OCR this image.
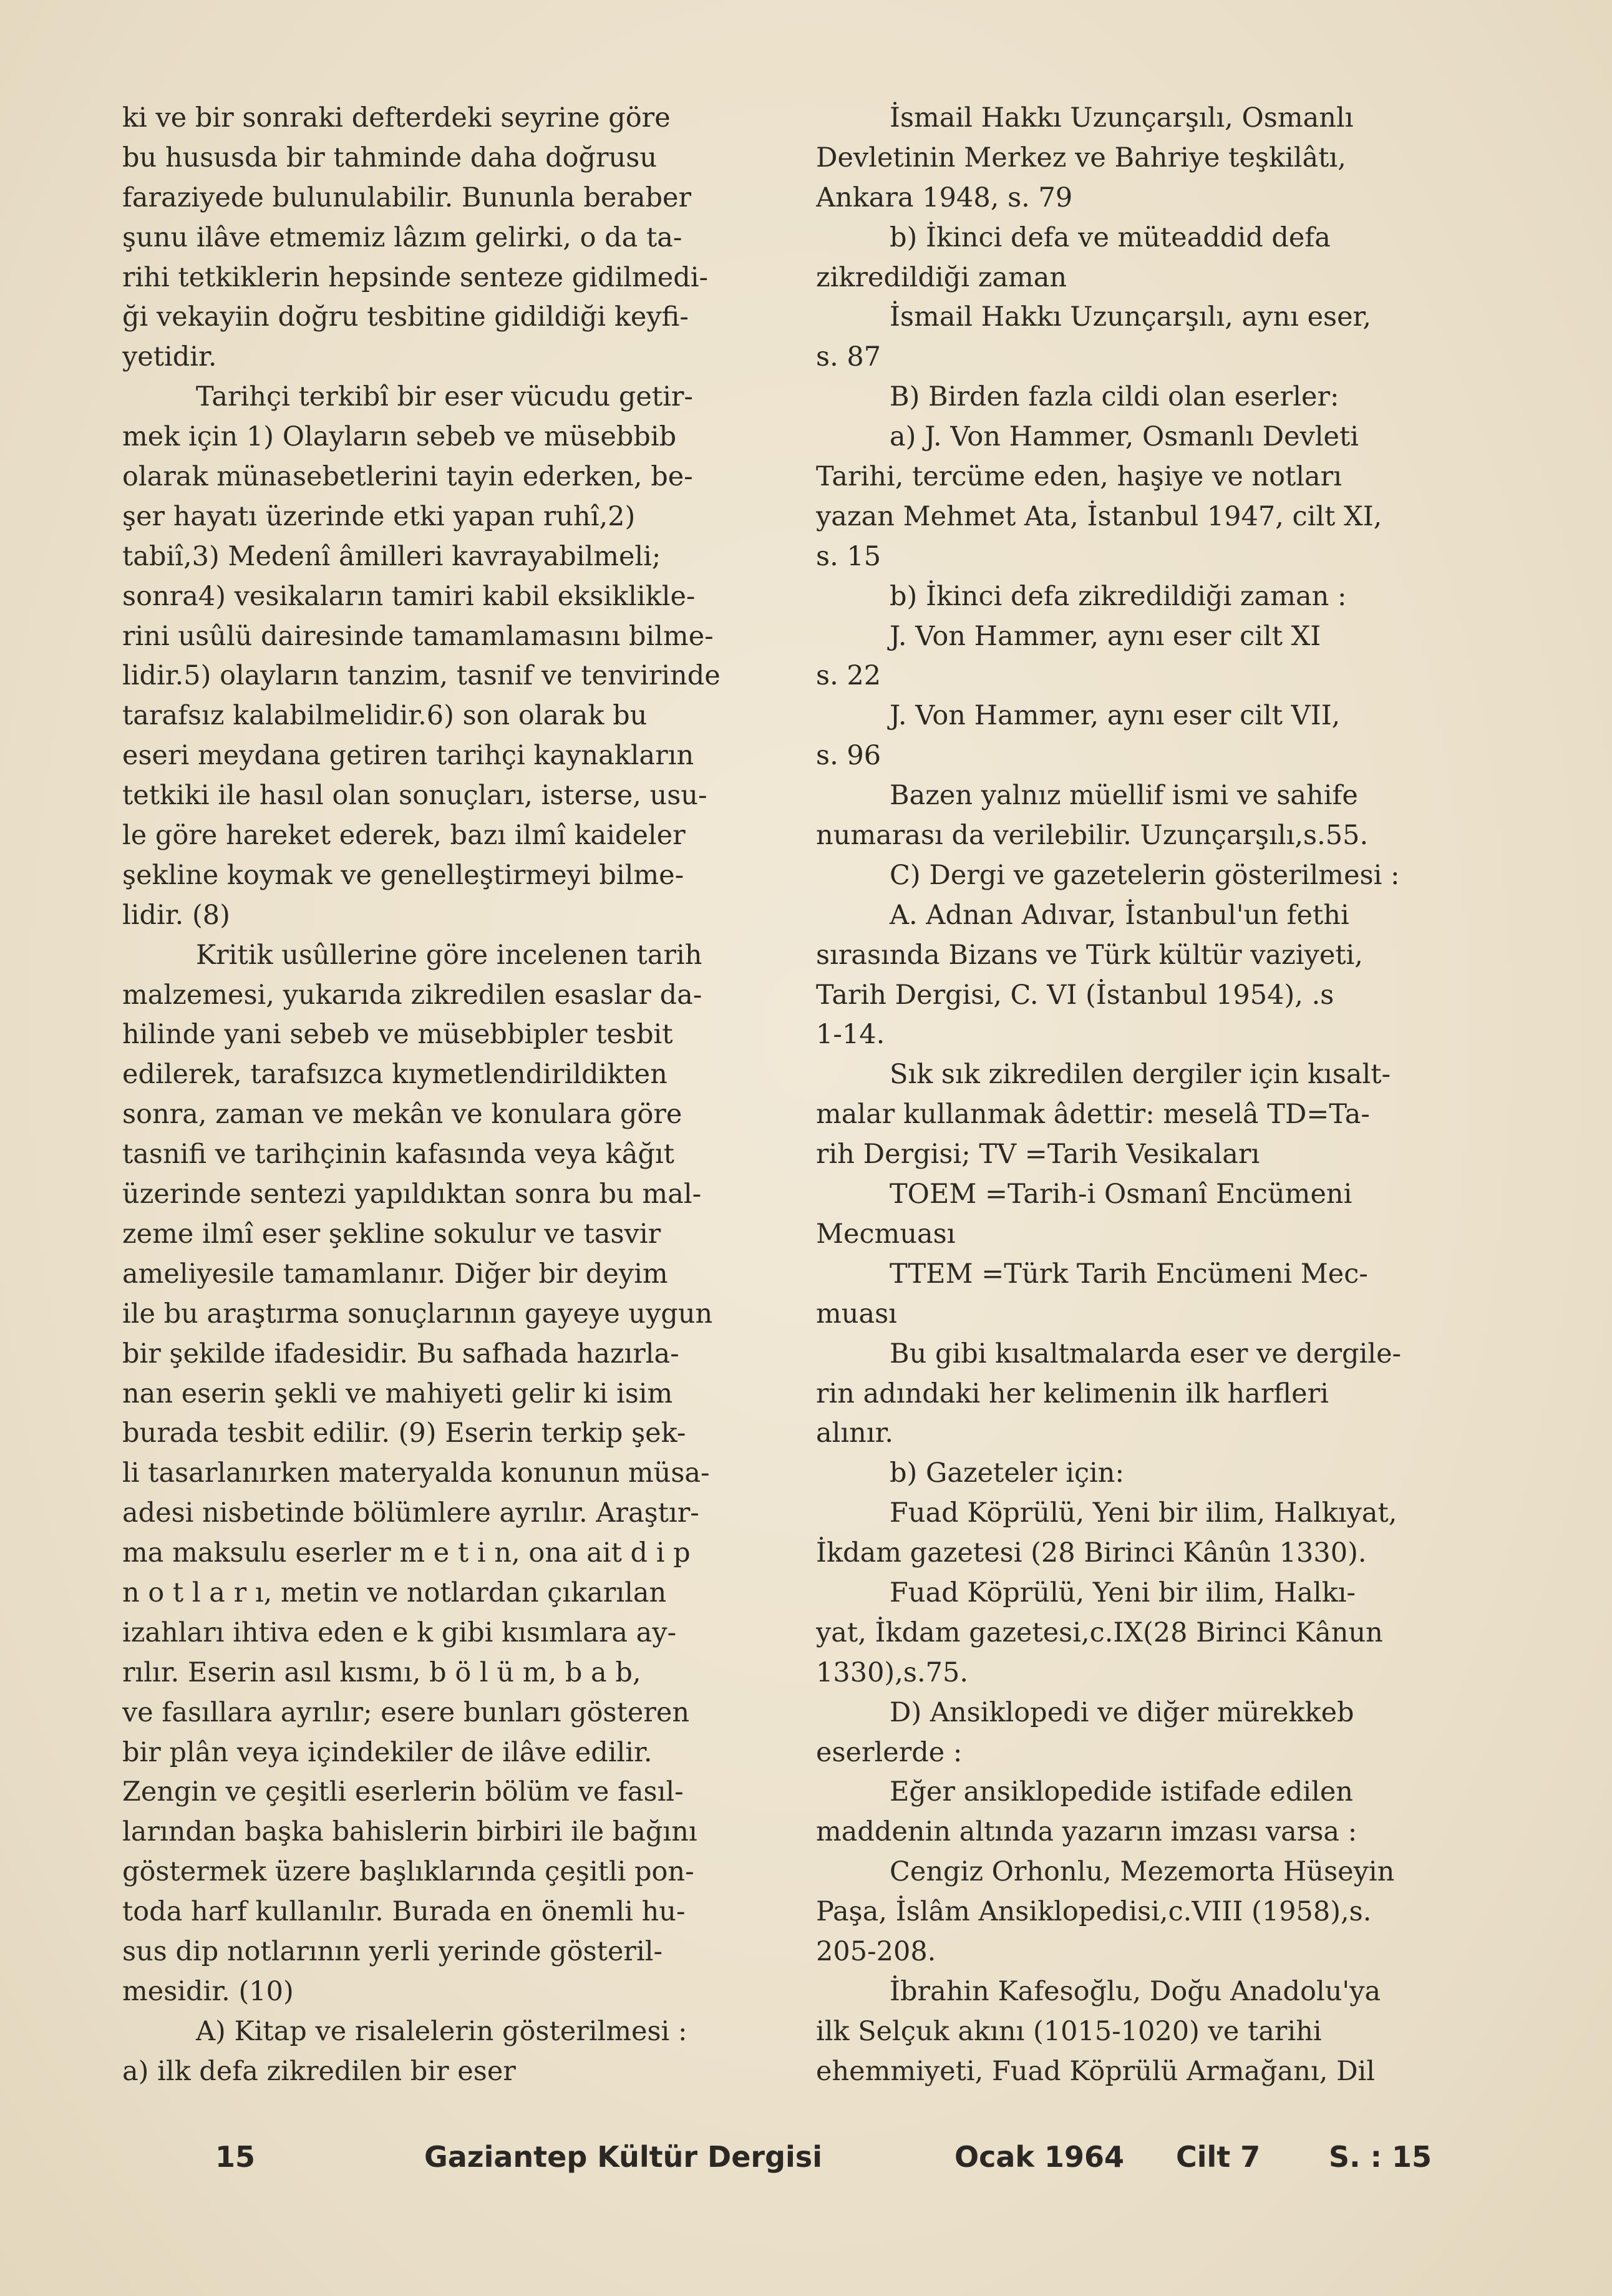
ki ve bir sonraki defterdeki seyrine göre
bu hususda bir tahminde daha doğrusu
faraziyede bulunulabilir. Bununla beraber
şunu ilâve etmemiz lâzım gelirki, o da ta-
rihi tetkiklerin hepsinde senteze gidilmedi-
ği vekayiin doğru tesbitine gidildiği keyfi-
yetidir.
Tarihçi terkibî bir eser vücudu getir-
mek için 1) Olayların sebeb ve müsebbib
olarak münasebetlerini tayin ederken, be-
şer hayatı üzerinde etki yapan ruhî,2)
tabiî,3) Medenî âmilleri kavrayabilmeli;
sonra4) vesikaların tamiri kabil eksiklikle-
rini usûlü dairesinde tamamlamasını bilme-
lidir.5) olayların tanzim, tasnif ve tenvirinde
tarafsız kalabilmelidir.6) son olarak bu
eseri meydana getiren tarihçi kaynakların
tetkiki ile hasıl olan sonuçları, isterse, usu-
le göre hareket ederek, bazı ilmî kaideler
şekline koymak ve genelleştirmeyi bilme-
lidir. (8)
Kritik usûllerine göre incelenen tarih
malzemesi, yukarıda zikredilen esaslar da-
hilinde yani sebeb ve müsebbipler tesbit
edilerek, tarafsızca kıymetlendirildikten
sonra, zaman ve mekân ve konulara göre
tasnifi ve tarihçinin kafasında veya kâğıt
üzerinde sentezi yapıldıktan sonra bu mal-
zeme ilmî eser şekline sokulur ve tasvir
ameliyesile tamamlanır. Diğer bir deyim
ile bu araştırma sonuçlarının gayeye uygun
bir şekilde ifadesidir. Bu safhada hazırla-
nan eserin şekli ve mahiyeti gelir ki isim
burada tesbit edilir. (9) Eserin terkip şek-
li tasarlanırken materyalda konunun müsa-
adesi nisbetinde bölümlere ayrılır. Araştır-
ma maksulu eserler m e t i n, ona ait d i p
n o t l a r ı, metin ve notlardan çıkarılan
izahları ihtiva eden e k gibi kısımlara ay-
rılır. Eserin asıl kısmı, b ö l ü m, b a b,
ve fasıllara ayrılır; esere bunları gösteren
bir plân veya içindekiler de ilâve edilir.
Zengin ve çeşitli eserlerin bölüm ve fasıl-
larından başka bahislerin birbiri ile bağını
göstermek üzere başlıklarında çeşitli pon-
toda harf kullanılır. Burada en önemli hu-
sus dip notlarının yerli yerinde gösteril-
mesidir. (10)
A) Kitap ve risalelerin gösterilmesi :
a) ilk defa zikredilen bir eser
İsmail Hakkı Uzunçarşılı, Osmanlı
Devletinin Merkez ve Bahriye teşkilâtı,
Ankara 1948, s. 79
b) İkinci defa ve müteaddid defa
zikredildiği zaman
İsmail Hakkı Uzunçarşılı, aynı eser,
s. 87
B) Birden fazla cildi olan eserler:
a) J. Von Hammer, Osmanlı Devleti
Tarihi, tercüme eden, haşiye ve notları
yazan Mehmet Ata, İstanbul 1947, cilt XI,
s. 15
b) İkinci defa zikredildiği zaman :
J. Von Hammer, aynı eser cilt XI
s. 22
J. Von Hammer, aynı eser cilt VII,
s. 96
Bazen yalnız müellif ismi ve sahife
numarası da verilebilir. Uzunçarşılı,s.55.
C) Dergi ve gazetelerin gösterilmesi :
A. Adnan Adıvar, İstanbul'un fethi
sırasında Bizans ve Türk kültür vaziyeti,
Tarih Dergisi, C. VI (İstanbul 1954), .s
1-14.
Sık sık zikredilen dergiler için kısalt-
malar kullanmak âdettir: meselâ TD=Ta-
rih Dergisi; TV =Tarih Vesikaları
TOEM =Tarih-i Osmanî Encümeni
Mecmuası
TTEM =Türk Tarih Encümeni Mec-
muası
Bu gibi kısaltmalarda eser ve dergile-
rin adındaki her kelimenin ilk harfleri
alınır.
b) Gazeteler için:
Fuad Köprülü, Yeni bir ilim, Halkıyat,
İkdam gazetesi (28 Birinci Kânûn 1330).
Fuad Köprülü, Yeni bir ilim, Halkı-
yat, İkdam gazetesi,c.IX(28 Birinci Kânun
1330),s.75.
D) Ansiklopedi ve diğer mürekkeb
eserlerde :
Eğer ansiklopedide istifade edilen
maddenin altında yazarın imzası varsa :
Cengiz Orhonlu, Mezemorta Hüseyin
Paşa, İslâm Ansiklopedisi,c.VIII (1958),s.
205-208.
İbrahin Kafesoğlu, Doğu Anadolu'ya
ilk Selçuk akını (1015-1020) ve tarihi
ehemmiyeti, Fuad Köprülü Armağanı, Dil
15	Gaziantep Kültür Dergisi	Ocak 1964 Cilt 7 S. : 15
